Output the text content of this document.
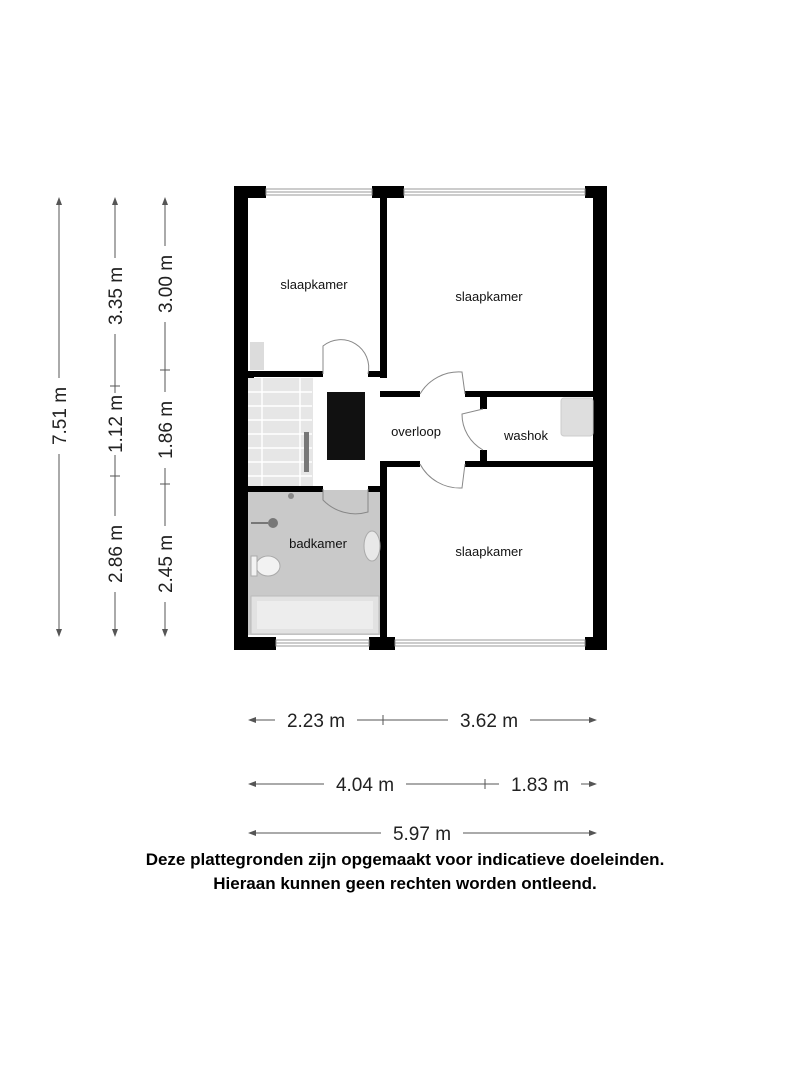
slaapkamer
slaapkamer
overloop	washok
badkamer
slaapkamer
7.51 m
3.35 m
1.12 m
2.86 m
3.00 m
1.86 m
2.45 m
2.23 m	3.62 m
4.04 m	1.83 m
5.97 m
Deze plattegronden zijn opgemaakt voor indicatieve doeleinden.
Hieraan kunnen geen rechten worden ontleend.
